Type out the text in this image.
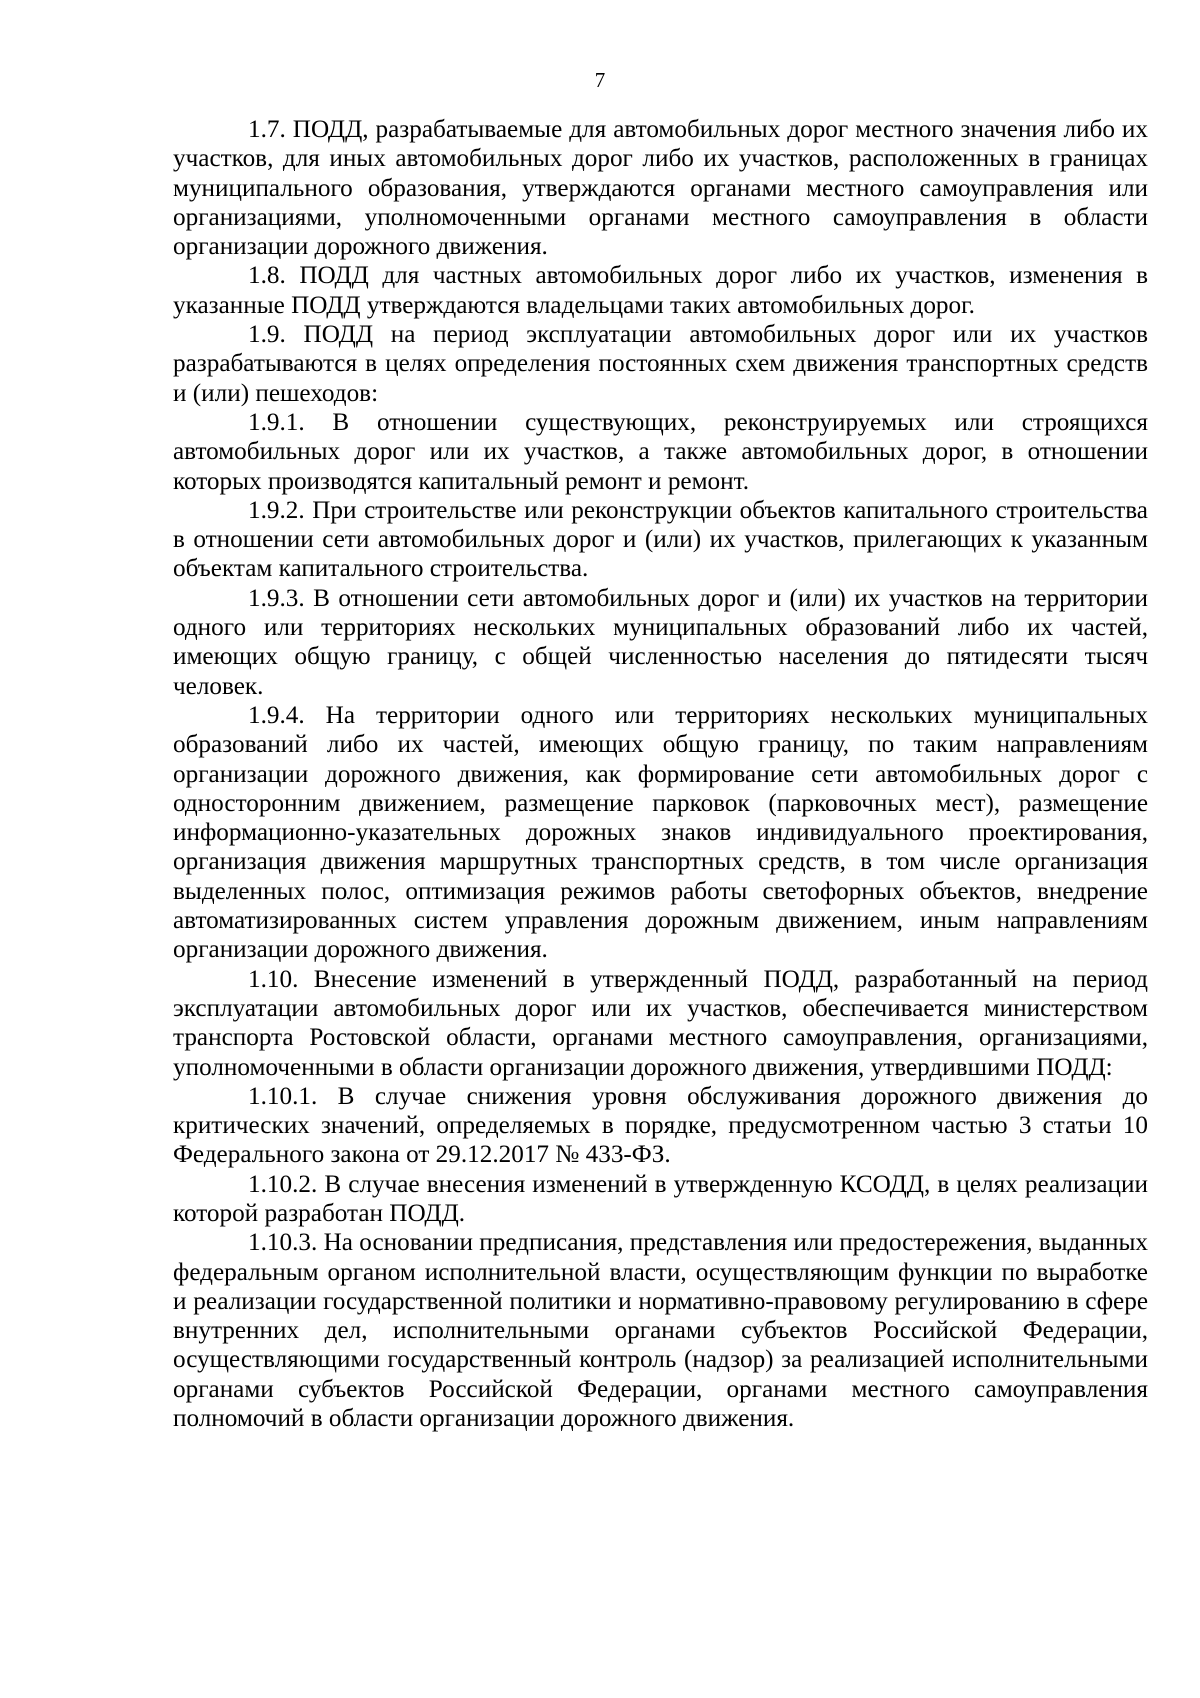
7

1.7. ПОДД, разрабатываемые для автомобильных дорог местного значения либо их участков, для иных автомобильных дорог либо их участков, расположенных в границах муниципального образования, утверждаются органами местного самоуправления или организациями, уполномоченными органами местного самоуправления в области организации дорожного движения.

1.8. ПОДД для частных автомобильных дорог либо их участков, изменения в указанные ПОДД утверждаются владельцами таких автомобильных дорог.

1.9. ПОДД на период эксплуатации автомобильных дорог или их участков разрабатываются в целях определения постоянных схем движения транспортных средств и (или) пешеходов:

1.9.1. В отношении существующих, реконструируемых или строящихся автомобильных дорог или их участков, а также автомобильных дорог, в отношении которых производятся капитальный ремонт и ремонт.

1.9.2. При строительстве или реконструкции объектов капитального строительства в отношении сети автомобильных дорог и (или) их участков, прилегающих к указанным объектам капитального строительства.

1.9.3. В отношении сети автомобильных дорог и (или) их участков на территории одного или территориях нескольких муниципальных образований либо их частей, имеющих общую границу, с общей численностью населения до пятидесяти тысяч человек.

1.9.4. На территории одного или территориях нескольких муниципальных образований либо их частей, имеющих общую границу, по таким направлениям организации дорожного движения, как формирование сети автомобильных дорог с односторонним движением, размещение парковок (парковочных мест), размещение информационно-указательных дорожных знаков индивидуального проектирования, организация движения маршрутных транспортных средств, в том числе организация выделенных полос, оптимизация режимов работы светофорных объектов, внедрение автоматизированных систем управления дорожным движением, иным направлениям организации дорожного движения.

1.10. Внесение изменений в утвержденный ПОДД, разработанный на период эксплуатации автомобильных дорог или их участков, обеспечивается министерством транспорта Ростовской области, органами местного самоуправления, организациями, уполномоченными в области организации дорожного движения, утвердившими ПОДД:

1.10.1. В случае снижения уровня обслуживания дорожного движения до критических значений, определяемых в порядке, предусмотренном частью 3 статьи 10 Федерального закона от 29.12.2017 № 433-ФЗ.

1.10.2. В случае внесения изменений в утвержденную КСОДД, в целях реализации которой разработан ПОДД.

1.10.3. На основании предписания, представления или предостережения, выданных федеральным органом исполнительной власти, осуществляющим функции по выработке и реализации государственной политики и нормативно-правовому регулированию в сфере внутренних дел, исполнительными органами субъектов Российской Федерации, осуществляющими государственный контроль (надзор) за реализацией исполнительными органами субъектов Российской Федерации, органами местного самоуправления полномочий в области организации дорожного движения.
